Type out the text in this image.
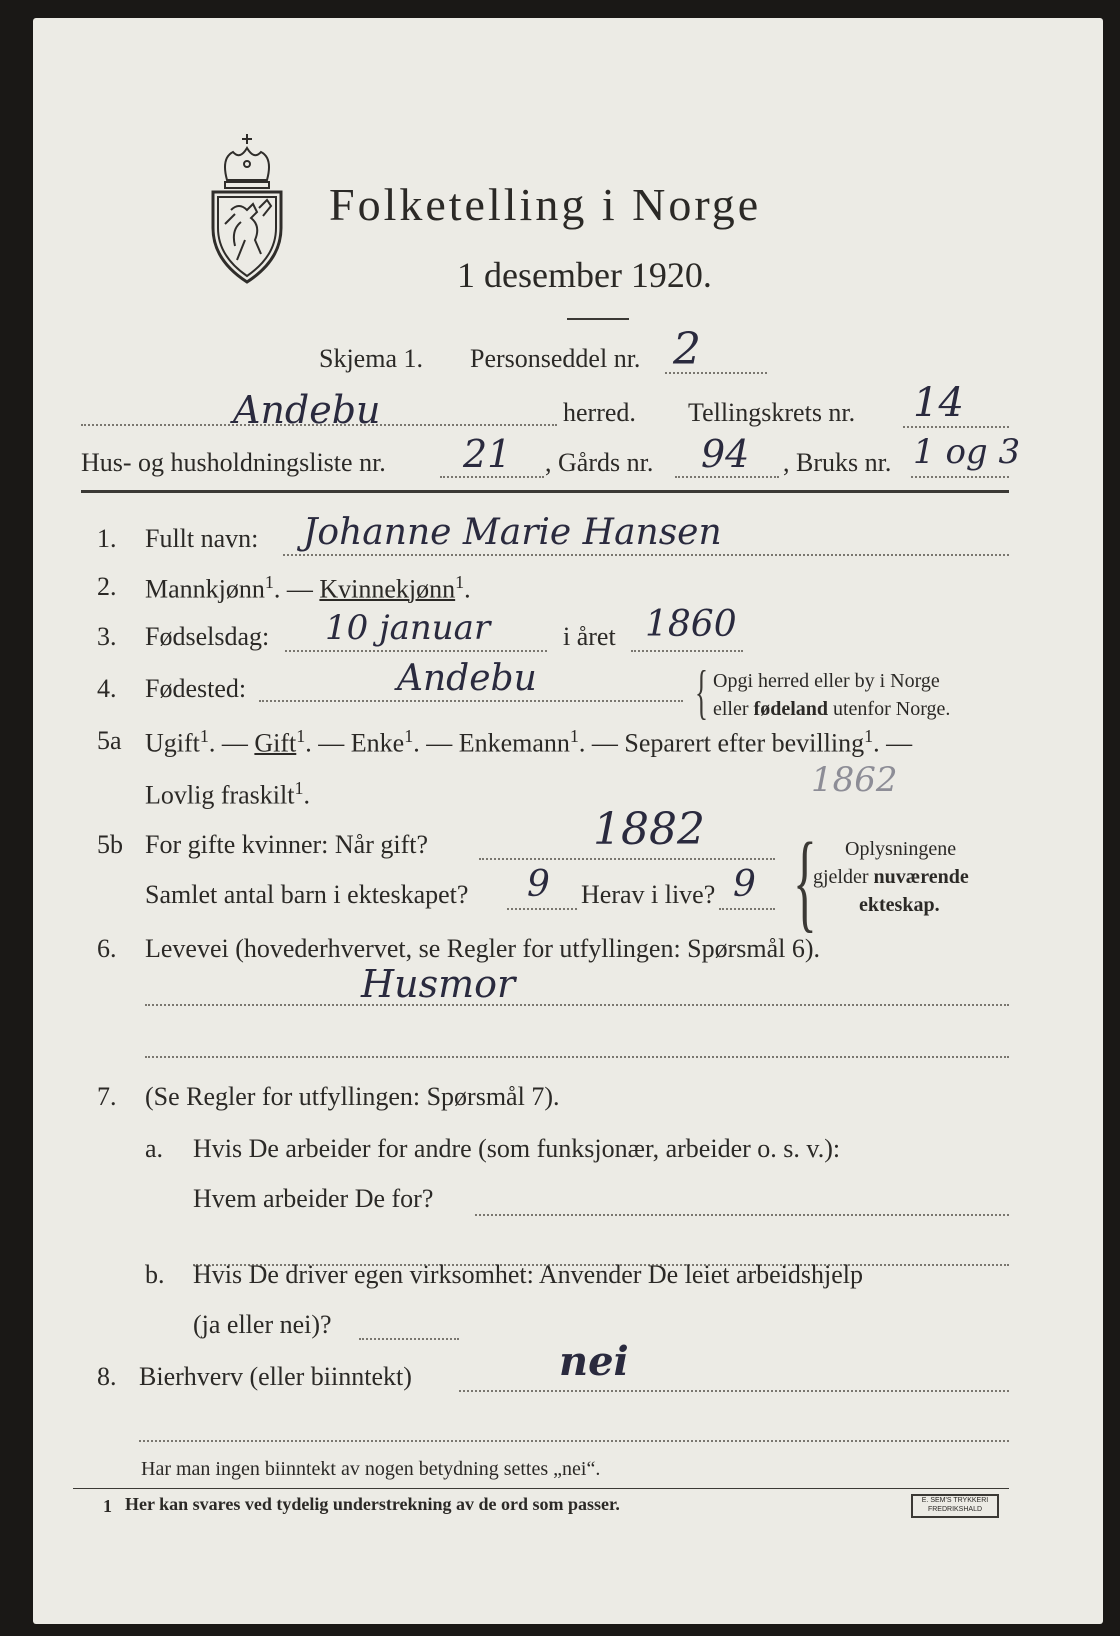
Folketelling i Norge
1 desember 1920.
Skjema 1. Personseddel nr. 2
Andebu	herred. Tellingskrets nr. 14
Hus- og husholdningsliste nr. 21 , Gårds nr. 94 , Bruks nr. 1 og 3
1. Fullt navn: Johanne Marie Hansen
2. Mannkjønn$^1$. — Kvinnekjønn$^1$.
3. Fødselsdag: 10 januar	i året 1860
4. Fødested:	Andebu	{ Opgi herred eller by i Norge
eller fødeland utenfor Norge.
5a Ugift$^1$. — Gift$^1$. — Enke$^1$. — Enkemann$^1$. — Separert efter bevilling$^1$. —
Lovlig fraskilt$^1$.	1862
5b For gifte kvinner: Når gift?	1882
Samlet antal barn i ekteskapet? 9 Herav i live? 9 { Oplysningene
gjelder nuværende
ekteskap.
6. Levevei (hovederhvervet, se Regler for utfyllingen: Spørsmål 6).
Husmor
7. (Se Regler for utfyllingen: Spørsmål 7).
a. Hvis De arbeider for andre (som funksjonær, arbeider o. s. v.):
Hvem arbeider De for?
b. Hvis De driver egen virksomhet: Anvender De leiet arbeidshjelp
(ja eller nei)?
8. Bierhverv (eller biinntekt)	nei
Har man ingen biinntekt av nogen betydning settes „nei“.
1 Her kan svares ved tydelig understrekning av de ord som passer.	E. SEM'S TRYKKERI
FREDRIKSHALD
